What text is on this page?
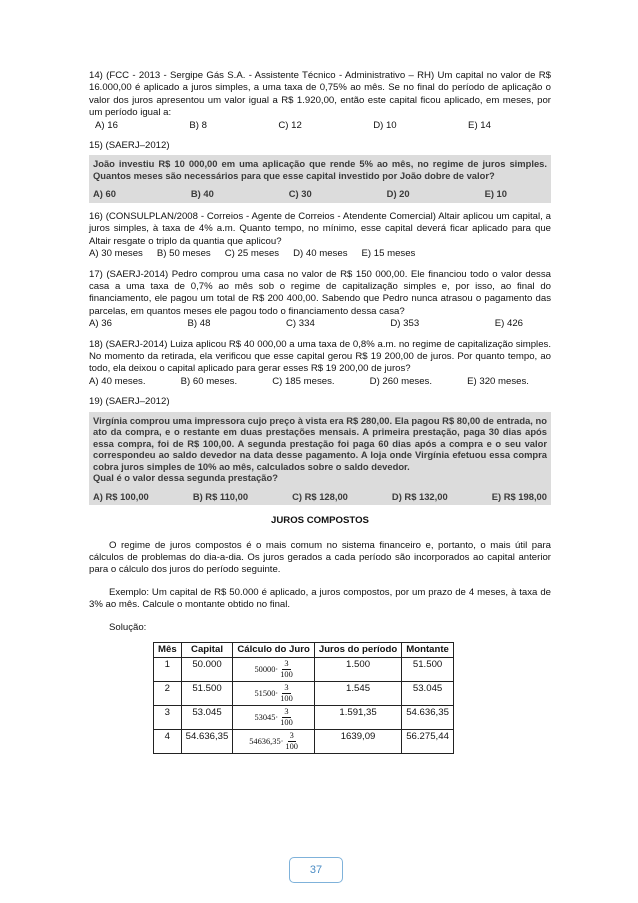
14) (FCC - 2013 - Sergipe Gás S.A. - Assistente Técnico - Administrativo – RH) Um capital no valor de R$ 16.000,00 é aplicado a juros simples, a uma taxa de 0,75% ao mês. Se no final do período de aplicação o valor dos juros apresentou um valor igual a R$ 1.920,00, então este capital ficou aplicado, em meses, por um período igual a:

A) 16	B) 8	C) 12	D) 10	E) 14

15) (SAERJ–2012)

João investiu R$ 10 000,00 em uma aplicação que rende 5% ao mês, no regime de juros simples. Quantos meses são necessários para que esse capital investido por João dobre de valor?
A) 60	B) 40	C) 30	D) 20	E) 10

16) (CONSULPLAN/2008 - Correios - Agente de Correios - Atendente Comercial) Altair aplicou um capital, a juros simples, à taxa de 4% a.m. Quanto tempo, no mínimo, esse capital deverá ficar aplicado para que Altair resgate o triplo da quantia que aplicou?

A) 30 meses B) 50 meses C) 25 meses D) 40 meses E) 15 meses

17) (SAERJ-2014) Pedro comprou uma casa no valor de R$ 150 000,00. Ele financiou todo o valor dessa casa a uma taxa de 0,7% ao mês sob o regime de capitalização simples e, por isso, ao final do financiamento, ele pagou um total de R$ 200 400,00. Sabendo que Pedro nunca atrasou o pagamento das parcelas, em quantos meses ele pagou todo o financiamento dessa casa?

A) 36	B) 48	C) 334	D) 353	E) 426

18) (SAERJ-2014) Luiza aplicou R$ 40 000,00 a uma taxa de 0,8% a.m. no regime de capitalização simples. No momento da retirada, ela verificou que esse capital gerou R$ 19 200,00 de juros. Por quanto tempo, ao todo, ela deixou o capital aplicado para gerar esses R$ 19 200,00 de juros?

A) 40 meses.	B) 60 meses.	C) 185 meses.	D) 260 meses.	E) 320 meses.

19) (SAERJ–2012)

Virgínia comprou uma impressora cujo preço à vista era R$ 280,00. Ela pagou R$ 80,00 de entrada, no ato da compra, e o restante em duas prestações mensais. A primeira prestação, paga 30 dias após essa compra, foi de R$ 100,00. A segunda prestação foi paga 60 dias após a compra e o seu valor correspondeu ao saldo devedor na data desse pagamento. A loja onde Virgínia efetuou essa compra cobra juros simples de 10% ao mês, calculados sobre o saldo devedor.
Qual é o valor dessa segunda prestação?
A) R$ 100,00	B) R$ 110,00	C) R$ 128,00	D) R$ 132,00	E) R$ 198,00
JUROS COMPOSTOS

O regime de juros compostos é o mais comum no sistema financeiro e, portanto, o mais útil para cálculos de problemas do dia-a-dia. Os juros gerados a cada período são incorporados ao capital anterior para o cálculo dos juros do período seguinte.

Exemplo: Um capital de R$ 50.000 é aplicado, a juros compostos, por um prazo de 4 meses, à taxa de 3% ao mês. Calcule o montante obtido no final.

Solução:

Mês	Capital	Cálculo do Juro	Juros do período	Montante
1	50.000	$50000\cdot \frac{3}{100}$	1.500	51.500
2	51.500	$51500\cdot \frac{3}{100}$	1.545	53.045
3	53.045	$53045\cdot \frac{3}{100}$	1.591,35	54.636,35
4	54.636,35	$54636,35\cdot \frac{3}{100}$	1639,09	56.275,44
37
